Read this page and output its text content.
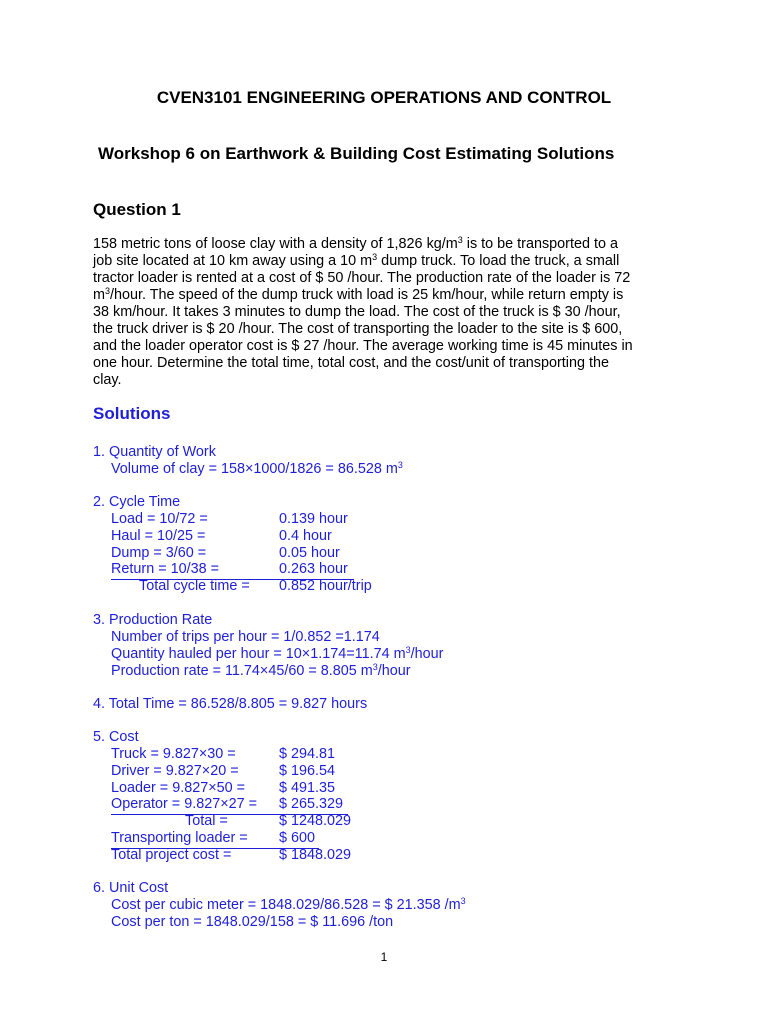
CVEN3101 ENGINEERING OPERATIONS AND CONTROL
Workshop 6 on Earthwork & Building Cost Estimating Solutions
Question 1
158 metric tons of loose clay with a density of 1,826 $kg/m^3$ is to be transported to a
job site located at 10 km away using a 10 $m^3$ dump truck. To load the truck, a small
tractor loader is rented at a cost of $ 50 /hour. The production rate of the loader is 72
$m^3$/hour. The speed of the dump truck with load is 25 km/hour, while return empty is
38 km/hour. It takes 3 minutes to dump the load. The cost of the truck is $ 30 /hour,
the truck driver is $ 20 /hour. The cost of transporting the loader to the site is $ 600,
and the loader operator cost is $ 27 /hour. The average working time is 45 minutes in
one hour. Determine the total time, total cost, and the cost/unit of transporting the
clay.
Solutions
1. Quantity of Work
Volume of clay = 158×1000/1826 = 86.528 $m^3$
2. Cycle Time
Load = 10/72 =	0.139 hour
Haul = 10/25 =	0.4 hour
Dump = 3/60 =	0.05 hour
Return = 10/38 =	0.263 hour
Total cycle time = 0.852 hour/trip
3. Production Rate
Number of trips per hour = 1/0.852 =1.174
Quantity hauled per hour = 10×1.174=11.74 $m^3$/hour
Production rate = 11.74×45/60 = 8.805 $m^3$/hour
4. Total Time = 86.528/8.805 = 9.827 hours
5. Cost
Truck = 9.827×30 =	$ 294.81
Driver = 9.827×20 =	$ 196.54
Loader = 9.827×50 = $ 491.35
Operator = 9.827×27 = $ 265.329
Total =	$ 1248.029
Transporting loader = $ 600
Total project cost =	$ 1848.029
6. Unit Cost
Cost per cubic meter = 1848.029/86.528 = $ 21.358 $/m^3$
Cost per ton = 1848.029/158 = $ 11.696 /ton
1
